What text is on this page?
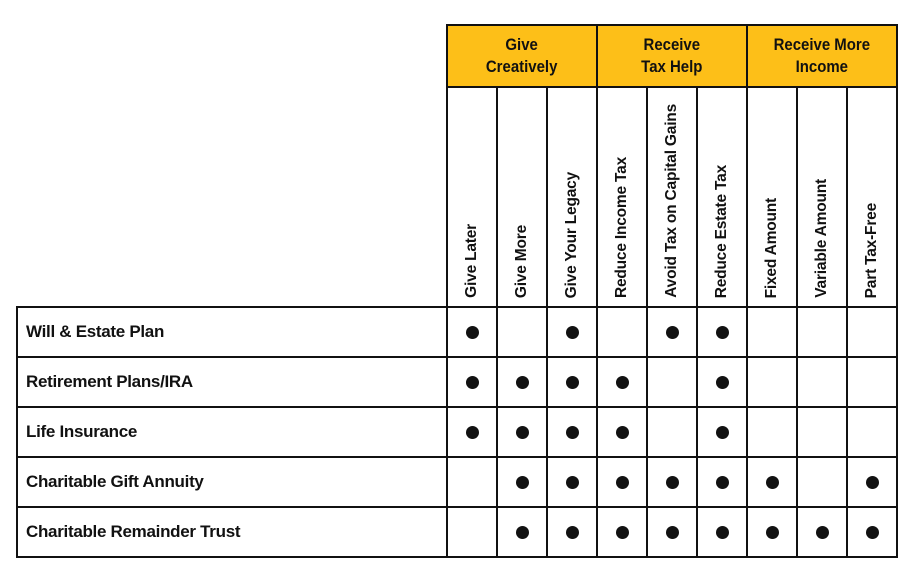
Give
Creatively
Receive
Tax Help
Receive More
Income
Give Later Give More Give Your Legacy Reduce Income Tax Avoid Tax on Capital Gains Reduce Estate Tax Fixed Amount Variable Amount Part Tax-Free
Will & Estate Plan
Retirement Plans/IRA
Life Insurance
Charitable Gift Annuity
Charitable Remainder Trust
